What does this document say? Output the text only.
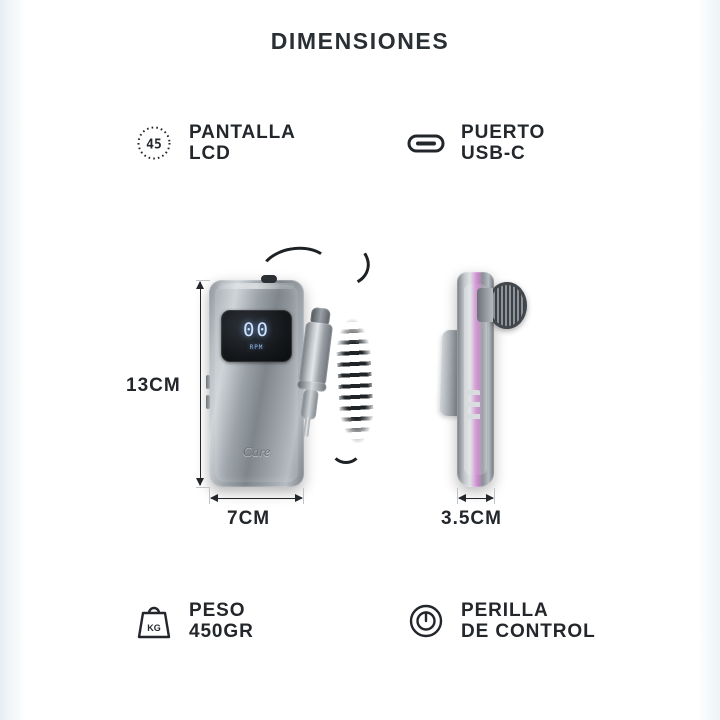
DIMENSIONES
45
PANTALLA
LCD
PUERTO
USB-C
KG
PESO
450GR
PERILLA
DE CONTROL
00
RPM
Care
13CM
7CM	3.5CM
